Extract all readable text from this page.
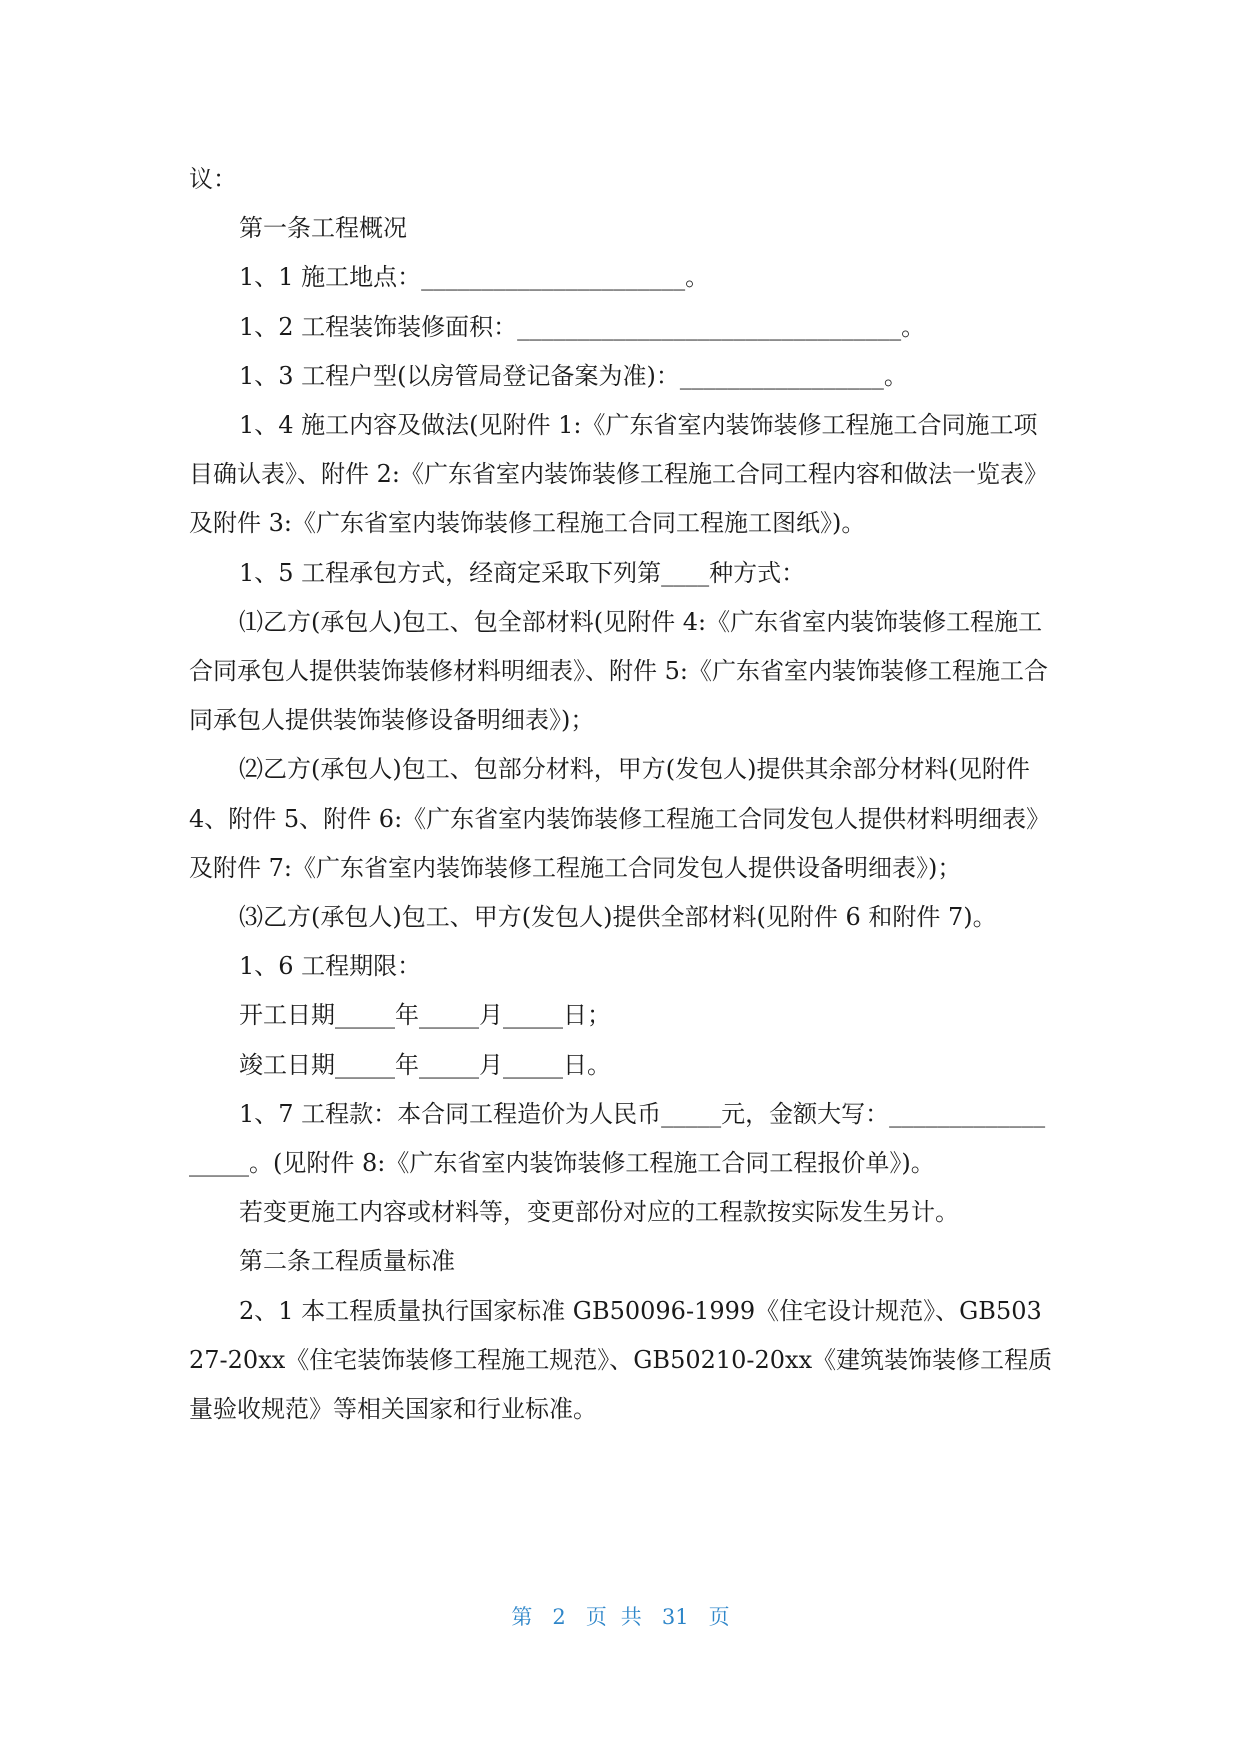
议：

第一条工程概况

1、1 施工地点：______________________。

1、2 工程装饰装修面积：________________________________。

1、3 工程户型(以房管局登记备案为准)：_________________。

1、4 施工内容及做法(见附件 1:《广东省室内装饰装修工程施工合同施工项目确认表》、附件 2:《广东省室内装饰装修工程施工合同工程内容和做法一览表》及附件 3:《广东省室内装饰装修工程施工合同工程施工图纸》)。

1、5 工程承包方式，经商定采取下列第____种方式：

⑴乙方(承包人)包工、包全部材料(见附件 4:《广东省室内装饰装修工程施工合同承包人提供装饰装修材料明细表》、附件 5:《广东省室内装饰装修工程施工合同承包人提供装饰装修设备明细表》)；

⑵乙方(承包人)包工、包部分材料，甲方(发包人)提供其余部分材料(见附件 4、附件 5、附件 6:《广东省室内装饰装修工程施工合同发包人提供材料明细表》及附件 7:《广东省室内装饰装修工程施工合同发包人提供设备明细表》)；

⑶乙方(承包人)包工、甲方(发包人)提供全部材料(见附件 6 和附件 7)。

1、6 工程期限：

开工日期_____年_____月_____日；

竣工日期_____年_____月_____日。

1、7 工程款：本合同工程造价为人民币_____元，金额大写：__________________。(见附件 8:《广东省室内装饰装修工程施工合同工程报价单》)。

若变更施工内容或材料等，变更部份对应的工程款按实际发生另计。

第二条工程质量标准

2、1 本工程质量执行国家标准 GB50096-1999《住宅设计规范》、GB50327-20xx《住宅装饰装修工程施工规范》、GB50210-20xx《建筑装饰装修工程质量验收规范》等相关国家和行业标准。

第 2 页共 31 页
